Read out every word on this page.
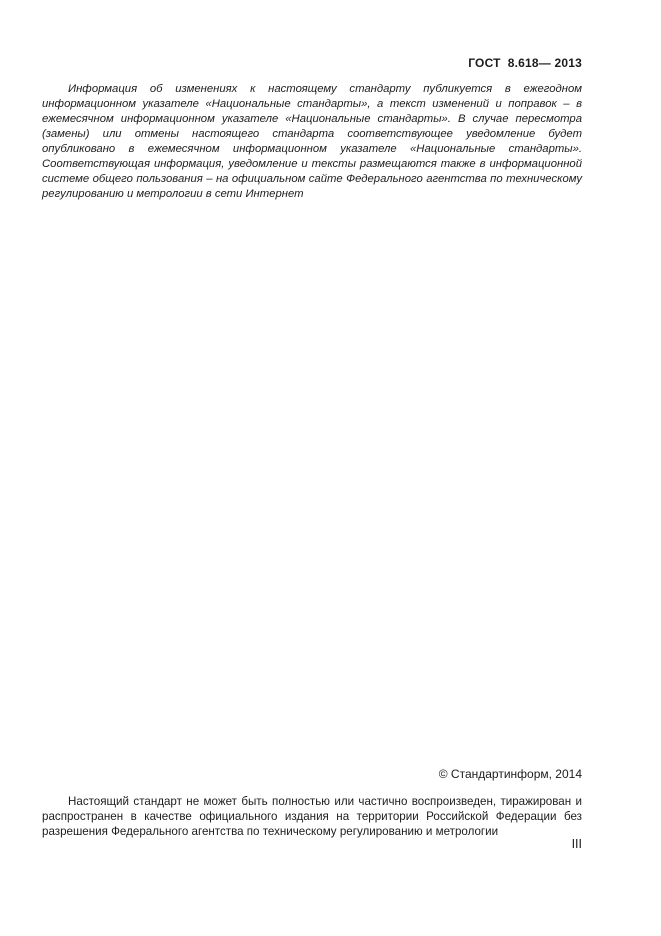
ГОСТ  8.618— 2013
Информация об изменениях к настоящему стандарту публикуется в ежегодном информационном указателе «Национальные стандарты», а текст изменений и поправок – в ежемесячном информационном указателе «Национальные стандарты». В случае пересмотра (замены) или отмены настоящего стандарта соответствующее уведомление будет опубликовано в ежемесячном информационном указателе «Национальные стандарты». Соответствующая информация, уведомление и тексты размещаются также в информационной системе общего пользования – на официальном сайте Федерального агентства по техническому регулированию и метрологии в сети Интернет
© Стандартинформ, 2014
Настоящий стандарт не может быть полностью или частично воспроизведен, тиражирован и распространен в качестве официального издания на территории Российской Федерации без разрешения Федерального агентства по техническому регулированию и метрологии
III
